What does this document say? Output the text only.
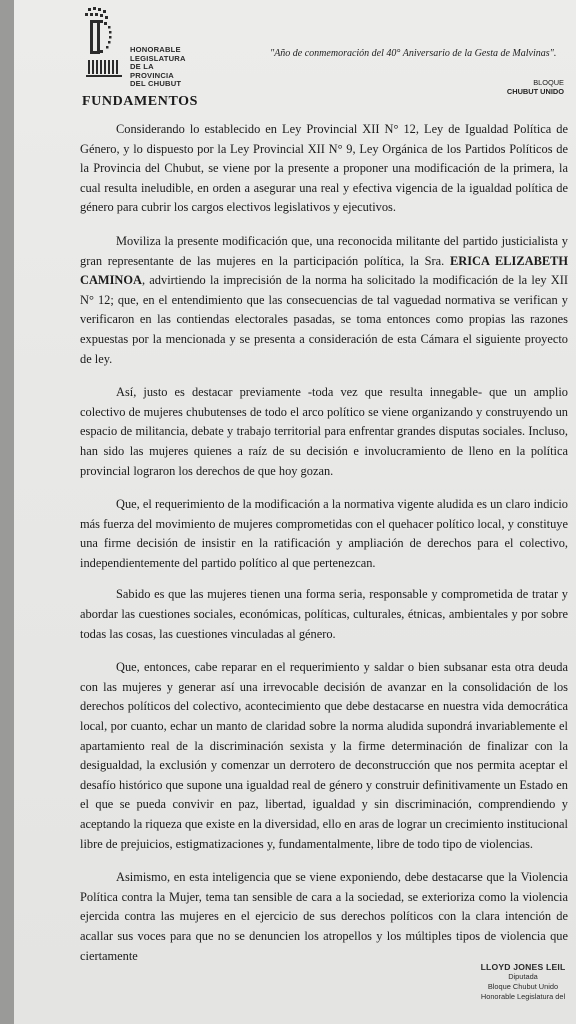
HONORABLE
LEGISLATURA
DE LA PROVINCIA
DEL CHUBUT
"Año de conmemoración del 40° Aniversario de la Gesta de Malvinas".
BLOQUE
CHUBUT UNIDO
FUNDAMENTOS

Considerando lo establecido en Ley Provincial XII N° 12, Ley de Igualdad Política de Género, y lo dispuesto por la Ley Provincial XII N° 9, Ley Orgánica de los Partidos Políticos de la Provincia del Chubut, se viene por la presente a proponer una modificación de la primera, la cual resulta ineludible, en orden a asegurar una real y efectiva vigencia de la igualdad política de género para cubrir los cargos electivos legislativos y ejecutivos.

Moviliza la presente modificación que, una reconocida militante del partido justicialista y gran representante de las mujeres en la participación política, la Sra. ERICA ELIZABETH CAMINOA, advirtiendo la imprecisión de la norma ha solicitado la modificación de la ley XII N° 12; que, en el entendimiento que las consecuencias de tal vaguedad normativa se verifican y verificaron en las contiendas electorales pasadas, se toma entonces como propias las razones expuestas por la mencionada y se presenta a consideración de esta Cámara el siguiente proyecto de ley.

Así, justo es destacar previamente -toda vez que resulta innegable- que un amplio colectivo de mujeres chubutenses de todo el arco político se viene organizando y construyendo un espacio de militancia, debate y trabajo territorial para enfrentar grandes disputas sociales. Incluso, han sido las mujeres quienes a raíz de su decisión e involucramiento de lleno en la política provincial lograron los derechos de que hoy gozan.

Que, el requerimiento de la modificación a la normativa vigente aludida es un claro indicio más fuerza del movimiento de mujeres comprometidas con el quehacer político local, y constituye una firme decisión de insistir en la ratificación y ampliación de derechos para el colectivo, independientemente del partido político al que pertenezcan.

Sabido es que las mujeres tienen una forma seria, responsable y comprometida de tratar y abordar las cuestiones sociales, económicas, políticas, culturales, étnicas, ambientales y por sobre todas las cosas, las cuestiones vinculadas al género.

Que, entonces, cabe reparar en el requerimiento y saldar o bien subsanar esta otra deuda con las mujeres y generar así una irrevocable decisión de avanzar en la consolidación de los derechos políticos del colectivo, acontecimiento que debe destacarse en nuestra vida democrática local, por cuanto, echar un manto de claridad sobre la norma aludida supondrá invariablemente el apartamiento real de la discriminación sexista y la firme determinación de finalizar con la desigualdad, la exclusión y comenzar un derrotero de deconstrucción que nos permita aceptar el desafío histórico que supone una igualdad real de género y construir definitivamente un Estado en el que se pueda convivir en paz, libertad, igualdad y sin discriminación, comprendiendo y aceptando la riqueza que existe en la diversidad, ello en aras de lograr un crecimiento institucional libre de prejuicios, estigmatizaciones y, fundamentalmente, libre de todo tipo de violencias.

Asimismo, en esta inteligencia que se viene exponiendo, debe destacarse que la Violencia Política contra la Mujer, tema tan sensible de cara a la sociedad, se exterioriza como la violencia ejercida contra las mujeres en el ejercicio de sus derechos políticos con la clara intención de acallar sus voces para que no se denuncien los atropellos y los múltiples tipos de violencia que ciertamente

LLOYD JONES LEIL
Diputada
Bloque Chubut Unido
Honorable Legislatura del
